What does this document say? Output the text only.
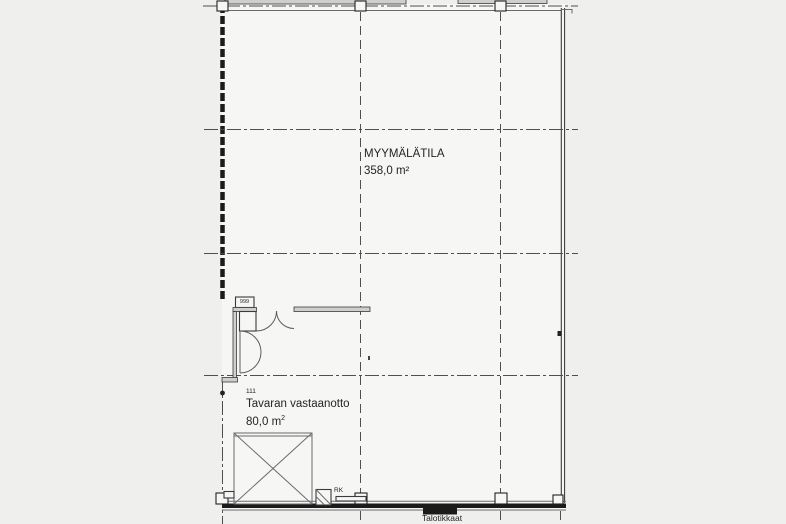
MYYMÄLÄTILA
358,0 m²
111
Tavaran vastaanotto
80,0 $m^2$
999
RK
Talotikkaat
